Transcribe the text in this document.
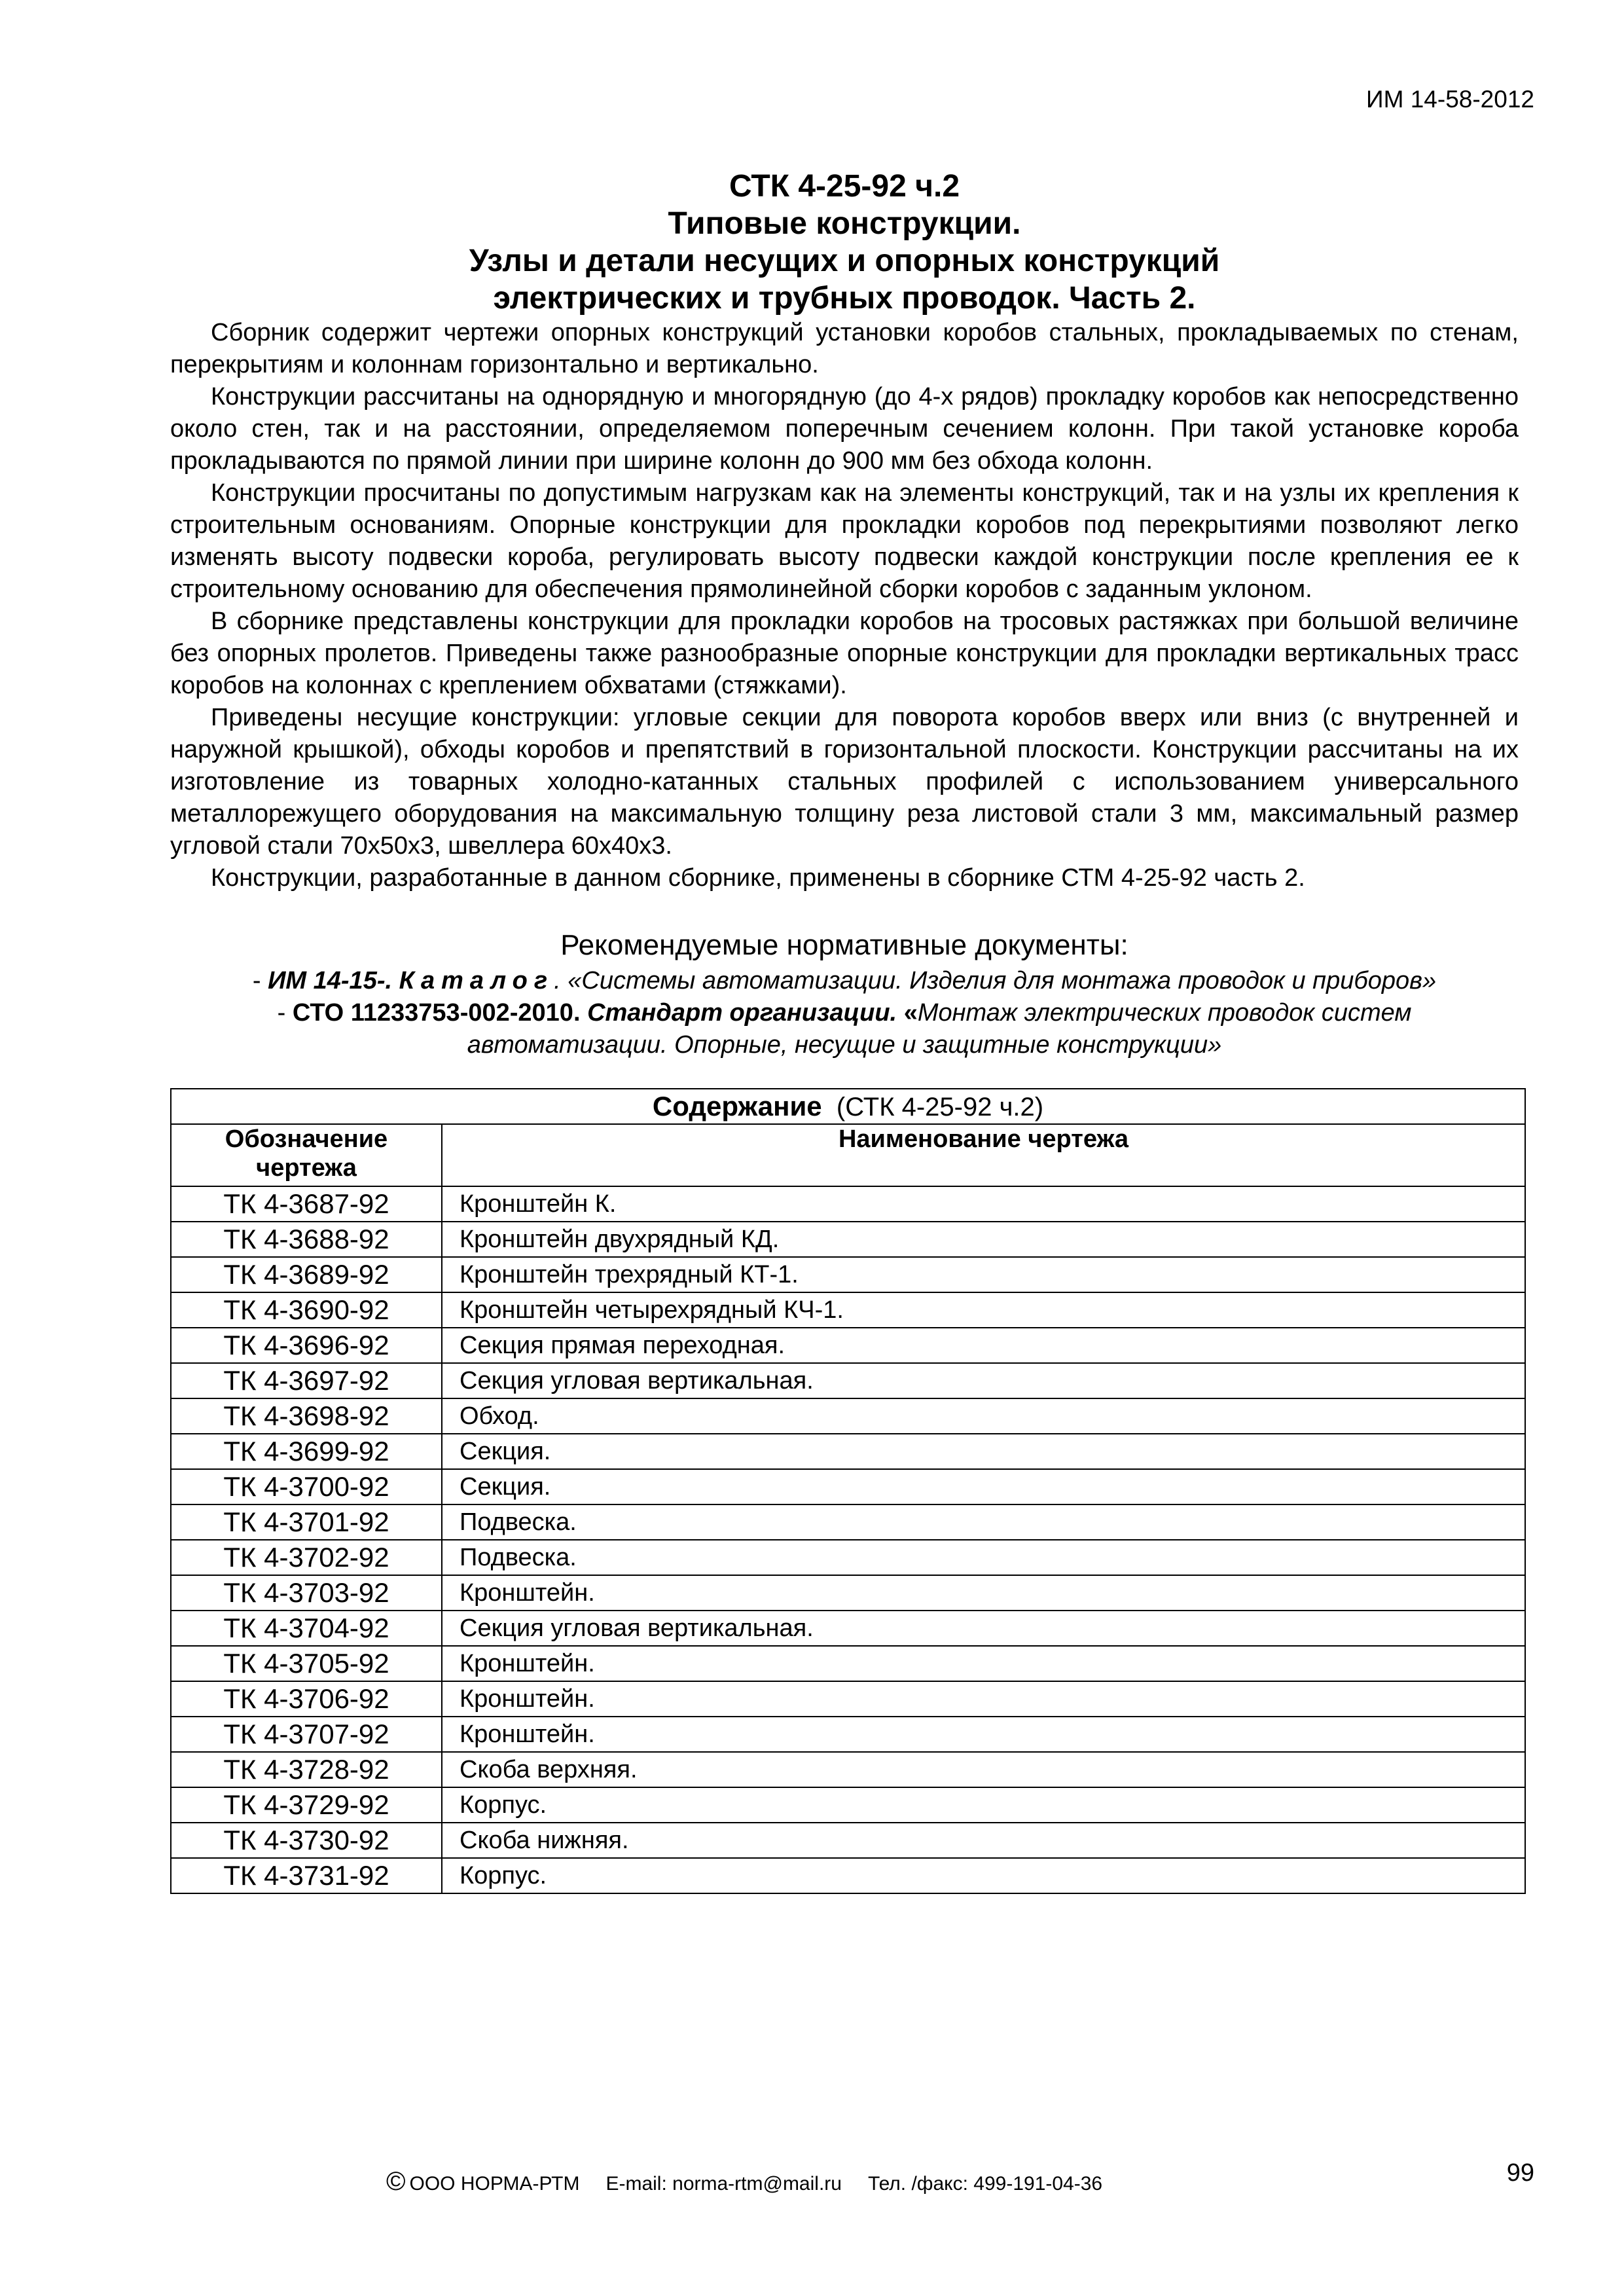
ИМ 14-58-2012
СТК 4-25-92 ч.2
Типовые конструкции.
Узлы и детали несущих и опорных конструкций
электрических и трубных проводок. Часть 2.

Сборник содержит чертежи опорных конструкций установки коробов стальных, прокладываемых по стенам, перекрытиям и колоннам горизонтально и вертикально.

Конструкции рассчитаны на однорядную и многорядную (до 4-х рядов) прокладку коробов как непосредственно около стен, так и на расстоянии, определяемом поперечным сечением колонн. При такой установке короба прокладываются по прямой линии при ширине колонн до 900 мм без обхода колонн.

Конструкции просчитаны по допустимым нагрузкам как на элементы конструкций, так и на узлы их крепления к строительным основаниям. Опорные конструкции для прокладки коробов под перекрытиями позволяют легко изменять высоту подвески короба, регулировать высоту подвески каждой конструкции после крепления ее к строительному основанию для обеспечения прямолинейной сборки коробов с заданным уклоном.

В сборнике представлены конструкции для прокладки коробов на тросовых растяжках при большой величине без опорных пролетов. Приведены также разнообразные опорные конструкции для прокладки вертикальных трасс коробов на колоннах с креплением обхватами (стяжками).

Приведены несущие конструкции: угловые секции для поворота коробов вверх или вниз (с внутренней и наружной крышкой), обходы коробов и препятствий в горизонтальной плоскости. Конструкции рассчитаны на их изготовление из товарных холодно-катанных стальных профилей с использованием универсального металлорежущего оборудования на максимальную толщину реза листовой стали 3 мм, максимальный размер угловой стали 70х50х3, швеллера 60х40х3.

Конструкции, разработанные в данном сборнике, применены в сборнике СТМ 4-25-92 часть 2.

Рекомендуемые нормативные документы:
- ИМ 14-15-. Каталог. «Системы автоматизации. Изделия для монтажа проводок и приборов»
- СТО 11233753-002-2010. Стандарт организации. «Монтаж электрических проводок систем
автоматизации. Опорные, несущие и защитные конструкции»
Содержание (СТК 4-25-92 ч.2)	

Обозначение
чертежа	Наименование чертежа
ТК 4-3687-92	Кронштейн К.
ТК 4-3688-92	Кронштейн двухрядный КД.
ТК 4-3689-92	Кронштейн трехрядный КТ-1.
ТК 4-3690-92	Кронштейн четырехрядный КЧ-1.
ТК 4-3696-92	Секция прямая переходная.
ТК 4-3697-92	Секция угловая вертикальная.
ТК 4-3698-92	Обход.
ТК 4-3699-92	Секция.
ТК 4-3700-92	Секция.
ТК 4-3701-92	Подвеска.
ТК 4-3702-92	Подвеска.
ТК 4-3703-92	Кронштейн.
ТК 4-3704-92	Секция угловая вертикальная.
ТК 4-3705-92	Кронштейн.
ТК 4-3706-92	Кронштейн.
ТК 4-3707-92	Кронштейн.
ТК 4-3728-92	Скоба верхняя.
ТК 4-3729-92	Корпус.
ТК 4-3730-92	Скоба нижняя.
ТК 4-3731-92	Корпус.
© ООО НОРМА-РТМ E-mail: norma-rtm@mail.ru Тел. /факс: 499-191-04-36	99
